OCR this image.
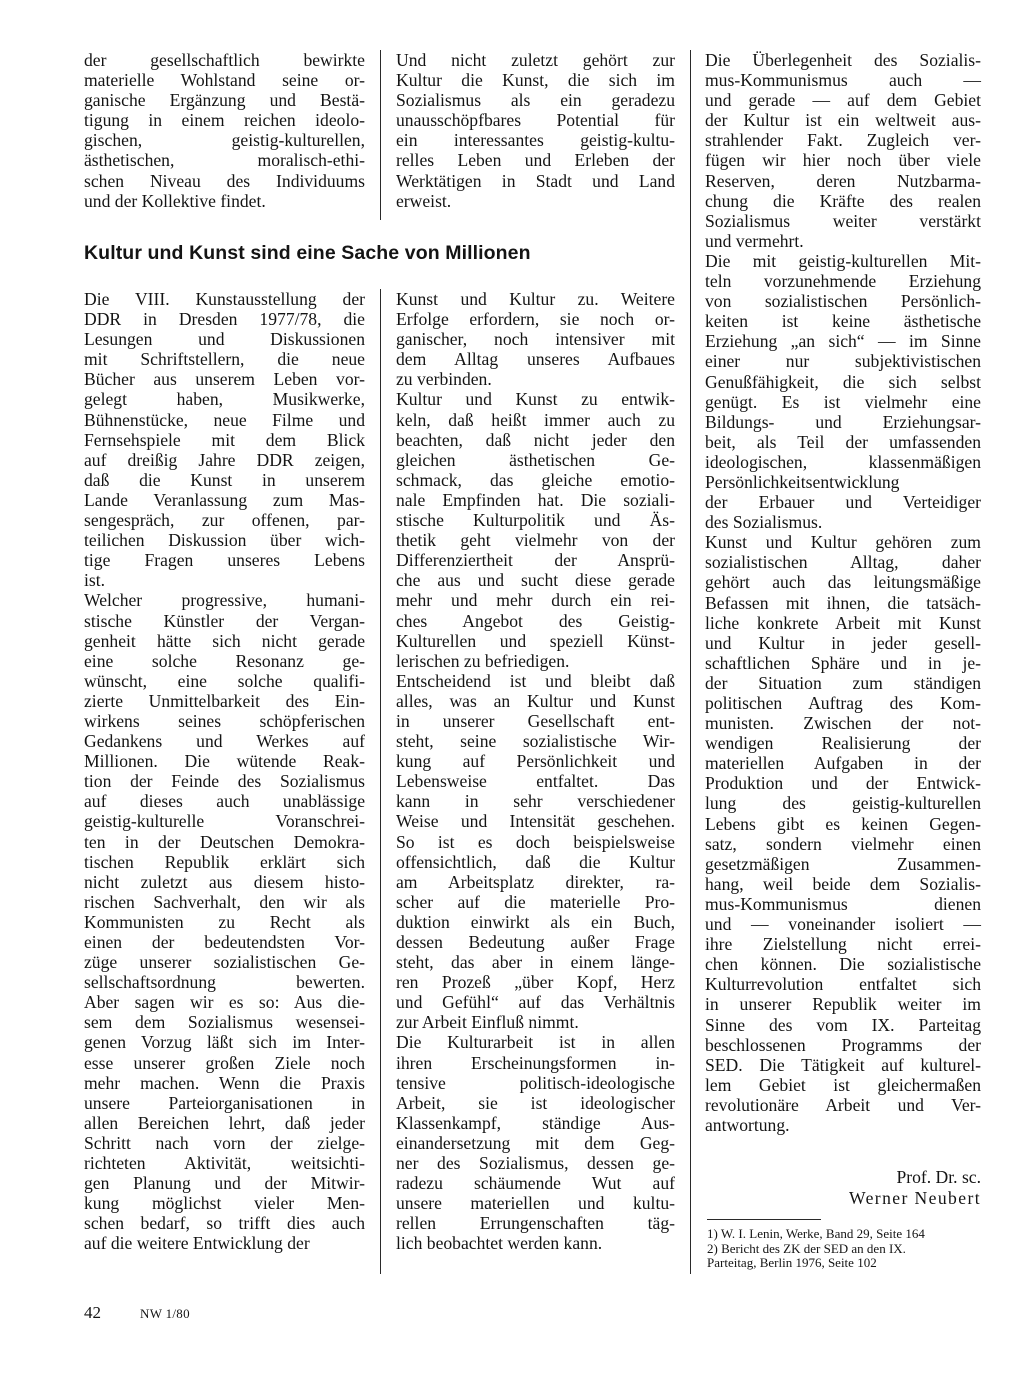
der gesellschaftlich bewirkte
materielle Wohlstand seine or-
ganische Ergänzung und Bestä-
tigung in einem reichen ideolo-
gischen, geistig-kulturellen,
ästhetischen, moralisch-ethi-
schen Niveau des Individuums
und der Kollektive findet.
Und nicht zuletzt gehört zur
Kultur die Kunst, die sich im
Sozialismus als ein geradezu
unausschöpfbares Potential für
ein interessantes geistig-kultu-
relles Leben und Erleben der
Werktätigen in Stadt und Land
erweist.
Kultur und Kunst sind eine Sache von Millionen
Die VIII. Kunstausstellung der
DDR in Dresden 1977/78, die
Lesungen und Diskussionen
mit Schriftstellern, die neue
Bücher aus unserem Leben vor-
gelegt haben, Musikwerke,
Bühnenstücke, neue Filme und
Fernsehspiele mit dem Blick
auf dreißig Jahre DDR zeigen,
daß die Kunst in unserem
Lande Veranlassung zum Mas-
sengespräch, zur offenen, par-
teilichen Diskussion über wich-
tige Fragen unseres Lebens
ist.
Welcher progressive, humani-
stische Künstler der Vergan-
genheit hätte sich nicht gerade
eine solche Resonanz ge-
wünscht, eine solche qualifi-
zierte Unmittelbarkeit des Ein-
wirkens seines schöpferischen
Gedankens und Werkes auf
Millionen. Die wütende Reak-
tion der Feinde des Sozialismus
auf dieses auch unablässige
geistig-kulturelle Voranschrei-
ten in der Deutschen Demokra-
tischen Republik erklärt sich
nicht zuletzt aus diesem histo-
rischen Sachverhalt, den wir als
Kommunisten zu Recht als
einen der bedeutendsten Vor-
züge unserer sozialistischen Ge-
sellschaftsordnung bewerten.
Aber sagen wir es so: Aus die-
sem dem Sozialismus wesensei-
genen Vorzug läßt sich im Inter-
esse unserer großen Ziele noch
mehr machen. Wenn die Praxis
unsere Parteiorganisationen in
allen Bereichen lehrt, daß jeder
Schritt nach vorn der zielge-
richteten Aktivität, weitsichti-
gen Planung und der Mitwir-
kung möglichst vieler Men-
schen bedarf, so trifft dies auch
auf die weitere Entwicklung der
Kunst und Kultur zu. Weitere
Erfolge erfordern, sie noch or-
ganischer, noch intensiver mit
dem Alltag unseres Aufbaues
zu verbinden.
Kultur und Kunst zu entwik-
keln, daß heißt immer auch zu
beachten, daß nicht jeder den
gleichen ästhetischen Ge-
schmack, das gleiche emotio-
nale Empfinden hat. Die soziali-
stische Kulturpolitik und Äs-
thetik geht vielmehr von der
Differenziertheit der Ansprü-
che aus und sucht diese gerade
mehr und mehr durch ein rei-
ches Angebot des Geistig-
Kulturellen und speziell Künst-
lerischen zu befriedigen.
Entscheidend ist und bleibt daß
alles, was an Kultur und Kunst
in unserer Gesellschaft ent-
steht, seine sozialistische Wir-
kung auf Persönlichkeit und
Lebensweise entfaltet. Das
kann in sehr verschiedener
Weise und Intensität geschehen.
So ist es doch beispielsweise
offensichtlich, daß die Kultur
am Arbeitsplatz direkter, ra-
scher auf die materielle Pro-
duktion einwirkt als ein Buch,
dessen Bedeutung außer Frage
steht, das aber in einem länge-
ren Prozeß „über Kopf, Herz
und Gefühl“ auf das Verhältnis
zur Arbeit Einfluß nimmt.
Die Kulturarbeit ist in allen
ihren Erscheinungsformen in-
tensive politisch-ideologische
Arbeit, sie ist ideologischer
Klassenkampf, ständige Aus-
einandersetzung mit dem Geg-
ner des Sozialismus, dessen ge-
radezu schäumende Wut auf
unsere materiellen und kultu-
rellen Errungenschaften täg-
lich beobachtet werden kann.
Die Überlegenheit des Sozialis-
mus-Kommunismus auch —
und gerade — auf dem Gebiet
der Kultur ist ein weltweit aus-
strahlender Fakt. Zugleich ver-
fügen wir hier noch über viele
Reserven, deren Nutzbarma-
chung die Kräfte des realen
Sozialismus weiter verstärkt
und vermehrt.
Die mit geistig-kulturellen Mit-
teln vorzunehmende Erziehung
von sozialistischen Persönlich-
keiten ist keine ästhetische
Erziehung „an sich“ — im Sinne
einer nur subjektivistischen
Genußfähigkeit, die sich selbst
genügt. Es ist vielmehr eine
Bildungs- und Erziehungsar-
beit, als Teil der umfassenden
ideologischen, klassenmäßigen
Persönlichkeitsentwicklung
der Erbauer und Verteidiger
des Sozialismus.
Kunst und Kultur gehören zum
sozialistischen Alltag, daher
gehört auch das leitungsmäßige
Befassen mit ihnen, die tatsäch-
liche konkrete Arbeit mit Kunst
und Kultur in jeder gesell-
schaftlichen Sphäre und in je-
der Situation zum ständigen
politischen Auftrag des Kom-
munisten. Zwischen der not-
wendigen Realisierung der
materiellen Aufgaben in der
Produktion und der Entwick-
lung des geistig-kulturellen
Lebens gibt es keinen Gegen-
satz, sondern vielmehr einen
gesetzmäßigen Zusammen-
hang, weil beide dem Sozialis-
mus-Kommunismus dienen
und — voneinander isoliert —
ihre Zielstellung nicht errei-
chen können. Die sozialistische
Kulturrevolution entfaltet sich
in unserer Republik weiter im
Sinne des vom IX. Parteitag
beschlossenen Programms der
SED. Die Tätigkeit auf kulturel-
lem Gebiet ist gleichermaßen
revolutionäre Arbeit und Ver-
antwortung.
Prof. Dr. sc.
Werner Neubert
1) W. I. Lenin, Werke, Band 29, Seite 164
2) Bericht des ZK der SED an den IX.
Parteitag, Berlin 1976, Seite 102
42	NW 1/80
